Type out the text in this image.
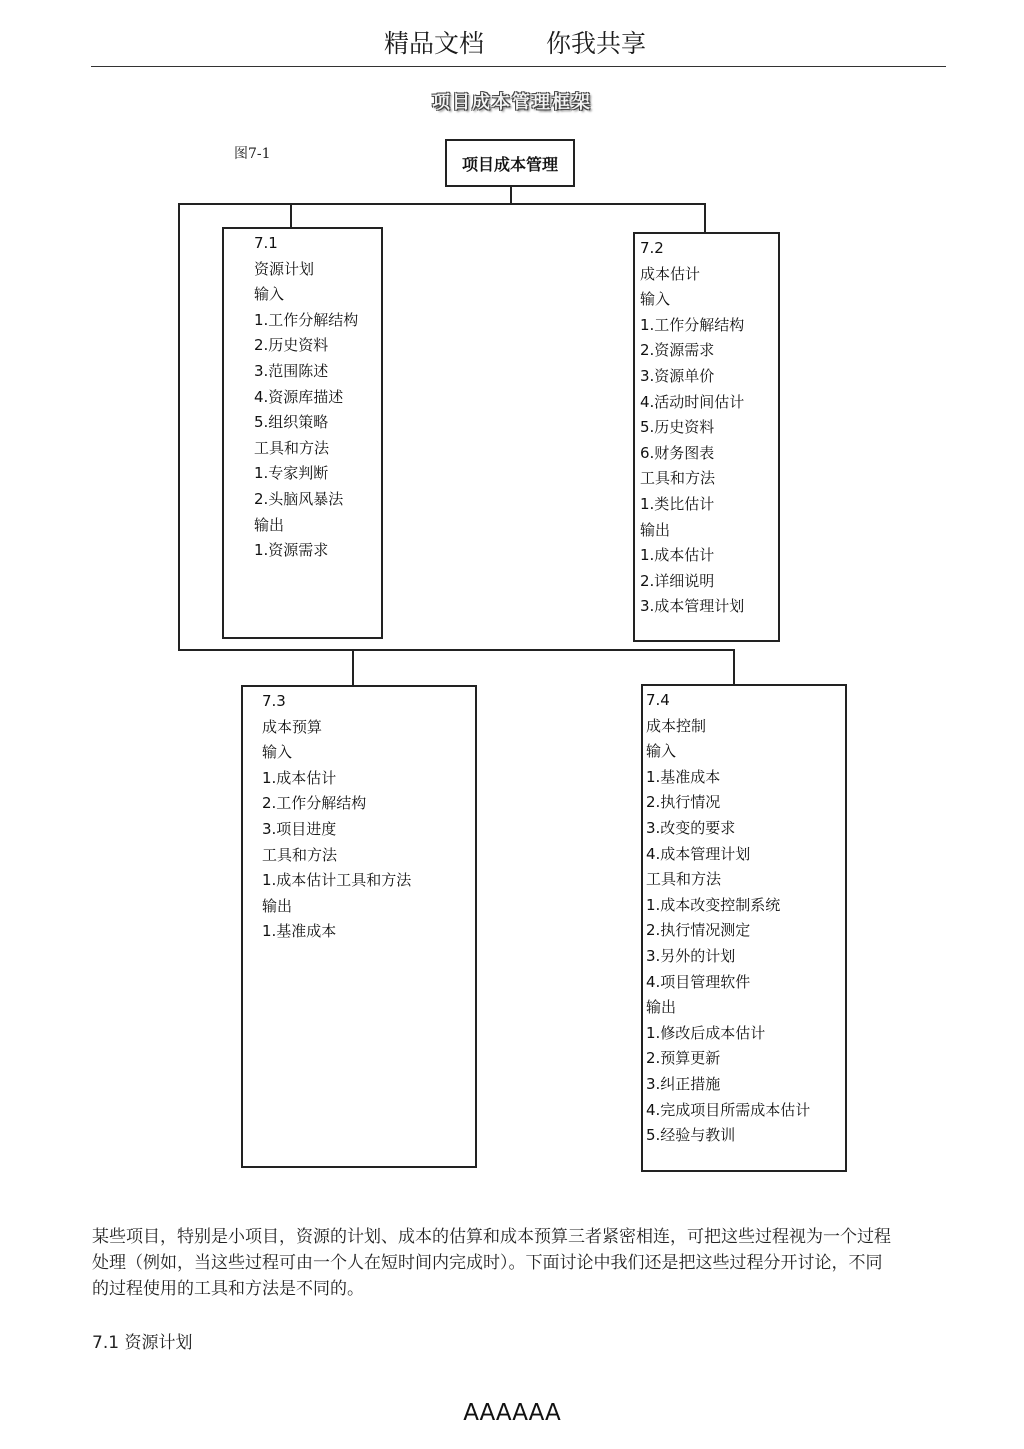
精品文档 你我共享
项目成本管理框架
图7-1
项目成本管理
7.1
资源计划
输入
1.工作分解结构
2.历史资料
3.范围陈述
4.资源库描述
5.组织策略
工具和方法
1.专家判断
2.头脑风暴法
输出
1.资源需求
7.2
成本估计
输入
1.工作分解结构
2.资源需求
3.资源单价
4.活动时间估计
5.历史资料
6.财务图表
工具和方法
1.类比估计
输出
1.成本估计
2.详细说明
3.成本管理计划
7.3
成本预算
输入
1.成本估计
2.工作分解结构
3.项目进度
工具和方法
1.成本估计工具和方法
输出
1.基准成本
7.4
成本控制
输入
1.基准成本
2.执行情况
3.改变的要求
4.成本管理计划
工具和方法
1.成本改变控制系统
2.执行情况测定
3.另外的计划
4.项目管理软件
输出
1.修改后成本估计
2.预算更新
3.纠正措施
4.完成项目所需成本估计
5.经验与教训
某些项目，特别是小项目，资源的计划、成本的估算和成本预算三者紧密相连，可把这些过程视为一个过程处理（例如，当这些过程可由一个人在短时间内完成时）。下面讨论中我们还是把这些过程分开讨论，不同的过程使用的工具和方法是不同的。
7.1 资源计划
AAAAAA
